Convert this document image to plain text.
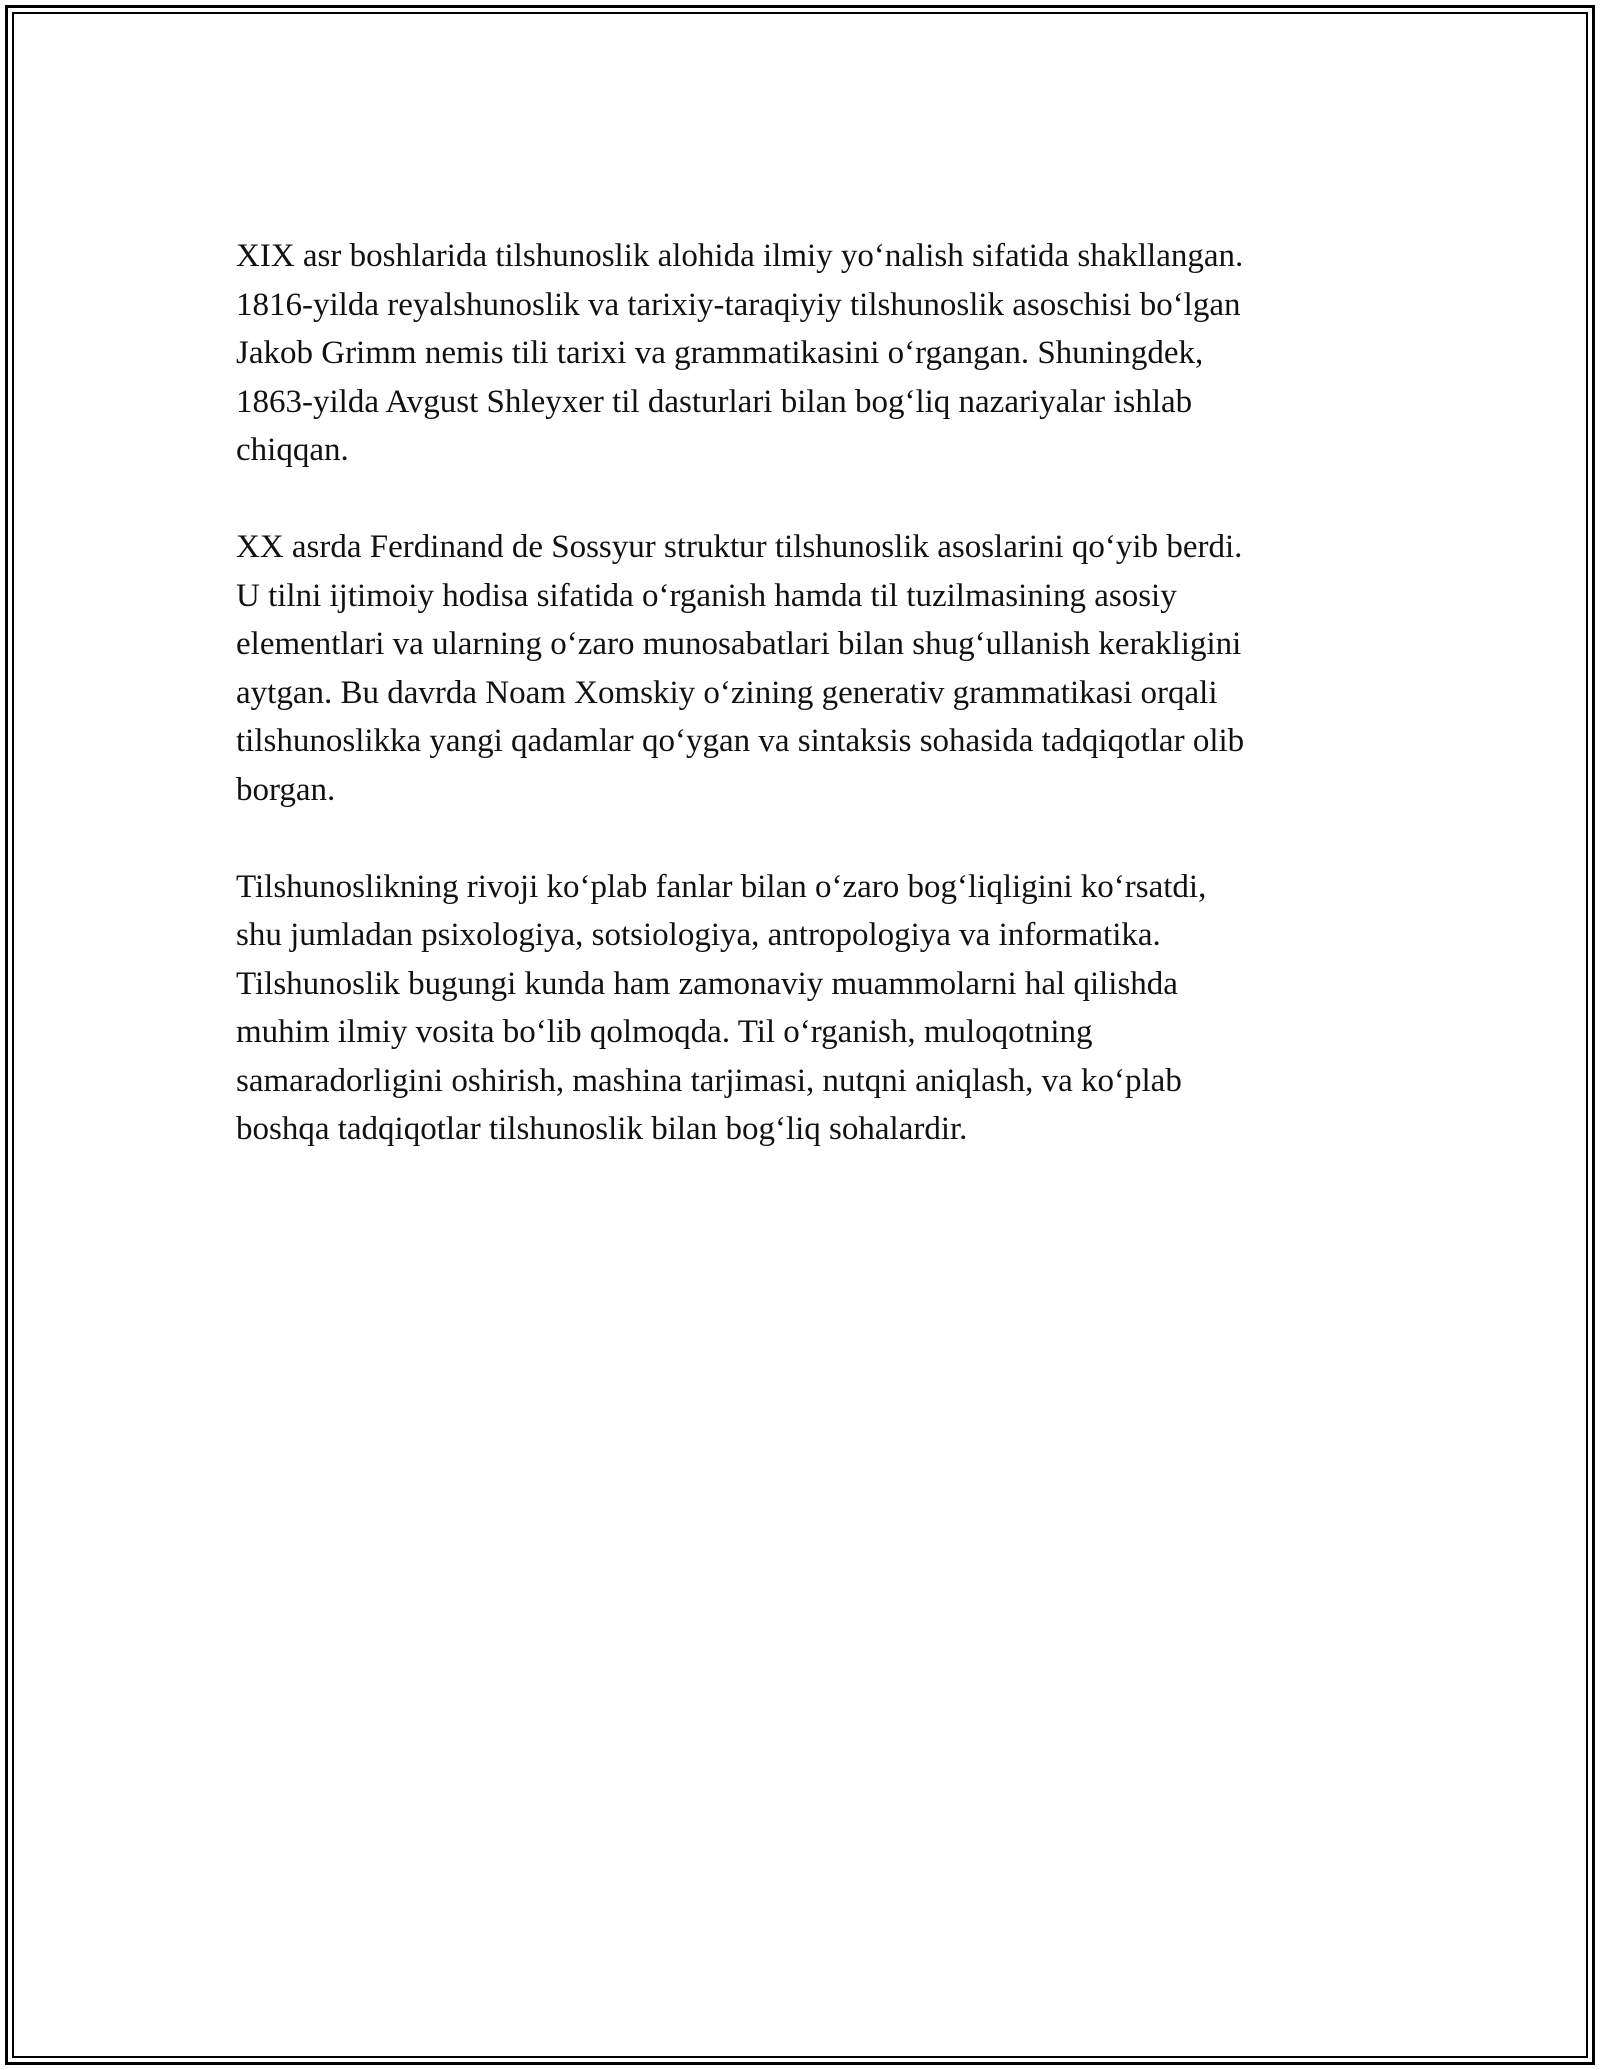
XIX asr boshlarida tilshunoslik alohida ilmiy yo‘nalish sifatida shakllangan.
1816-yilda reyalshunoslik va tarixiy-taraqiyiy tilshunoslik asoschisi bo‘lgan
Jakob Grimm nemis tili tarixi va grammatikasini o‘rgangan. Shuningdek,
1863-yilda Avgust Shleyxer til dasturlari bilan bog‘liq nazariyalar ishlab
chiqqan.

XX asrda Ferdinand de Sossyur struktur tilshunoslik asoslarini qo‘yib berdi.
U tilni ijtimoiy hodisa sifatida o‘rganish hamda til tuzilmasining asosiy
elementlari va ularning o‘zaro munosabatlari bilan shug‘ullanish kerakligini
aytgan. Bu davrda Noam Xomskiy o‘zining generativ grammatikasi orqali
tilshunoslikka yangi qadamlar qo‘ygan va sintaksis sohasida tadqiqotlar olib
borgan.

Tilshunoslikning rivoji ko‘plab fanlar bilan o‘zaro bog‘liqligini ko‘rsatdi,
shu jumladan psixologiya, sotsiologiya, antropologiya va informatika.
Tilshunoslik bugungi kunda ham zamonaviy muammolarni hal qilishda
muhim ilmiy vosita bo‘lib qolmoqda. Til o‘rganish, muloqotning
samaradorligini oshirish, mashina tarjimasi, nutqni aniqlash, va ko‘plab
boshqa tadqiqotlar tilshunoslik bilan bog‘liq sohalardir.
